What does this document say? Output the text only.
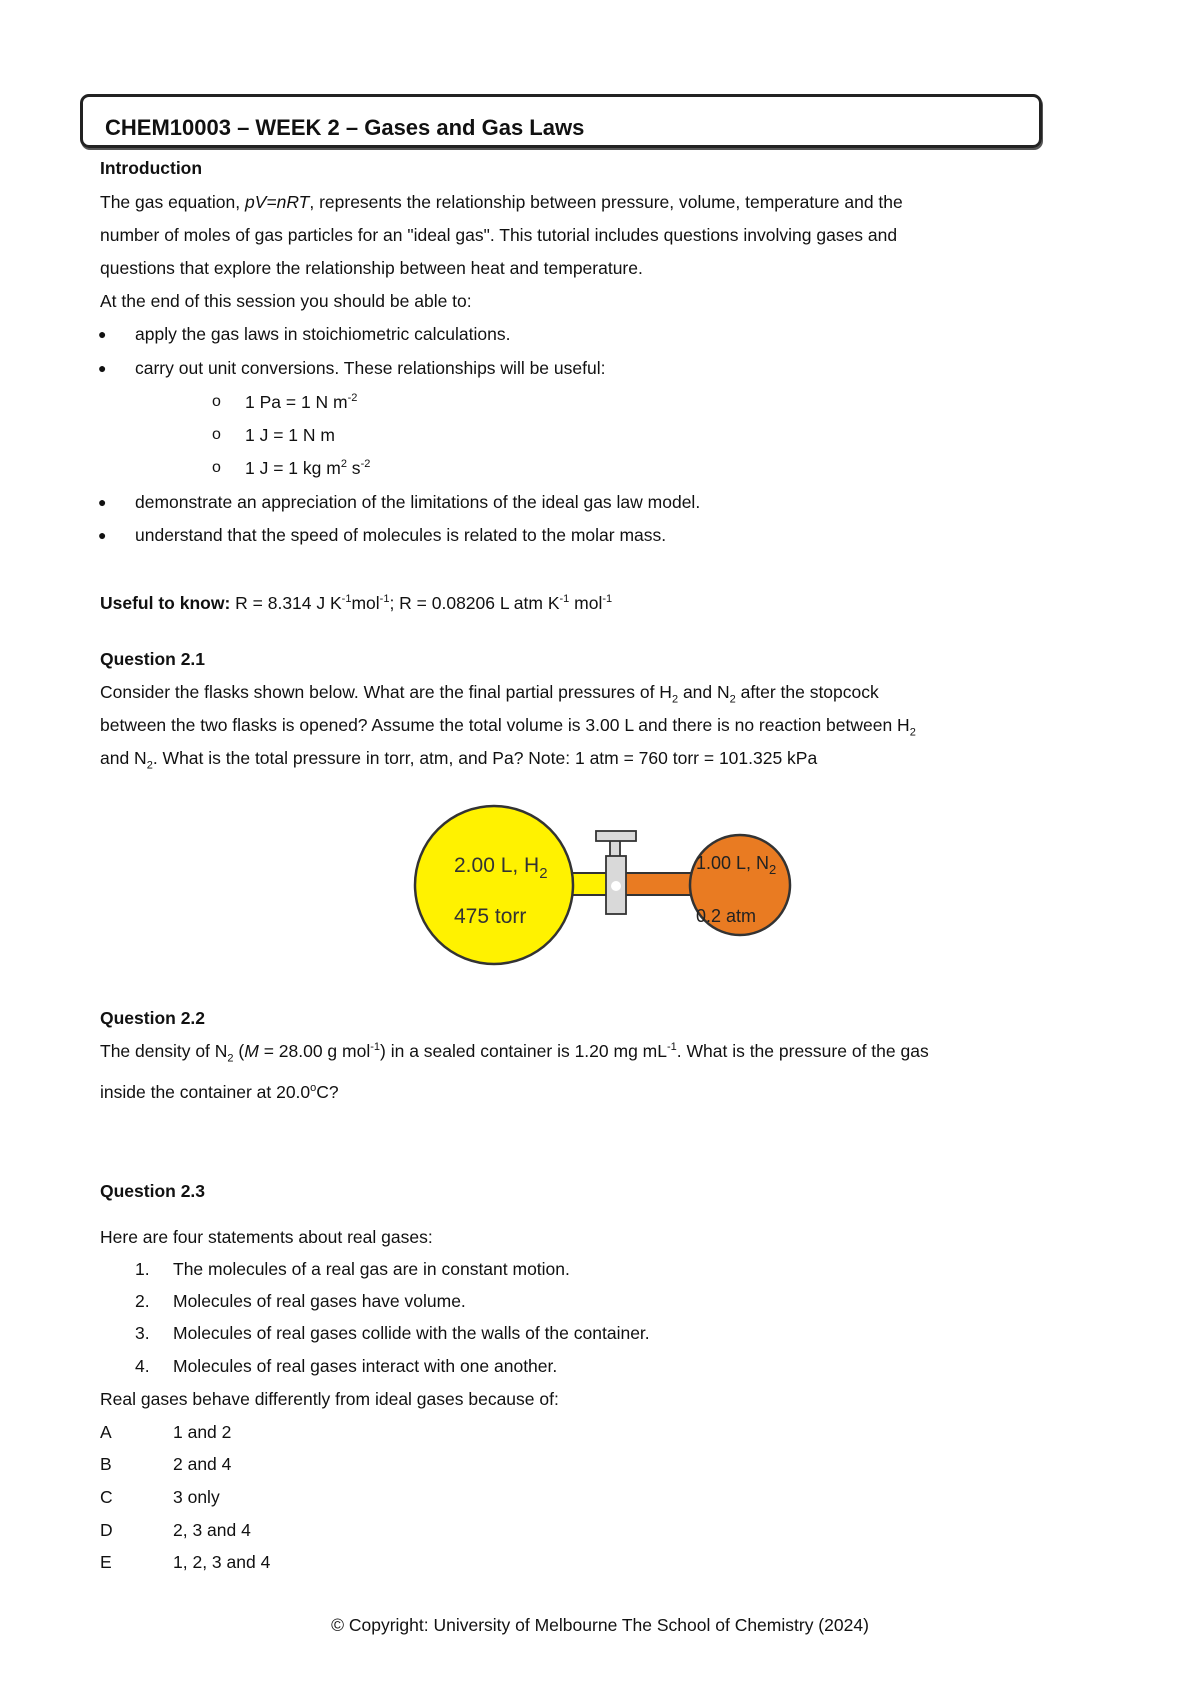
CHEM10003 – WEEK 2 – Gases and Gas Laws
Introduction
The gas equation, pV=nRT, represents the relationship between pressure, volume, temperature and the
number of moles of gas particles for an "ideal gas". This tutorial includes questions involving gases and
questions that explore the relationship between heat and temperature.
At the end of this session you should be able to:
● apply the gas laws in stoichiometric calculations.
● carry out unit conversions. These relationships will be useful:
o 1 Pa = 1 N $m^{-2}$
o 1 J = 1 N m
o 1 J = 1 kg $m^2$ $s^{-2}$
● demonstrate an appreciation of the limitations of the ideal gas law model.
● understand that the speed of molecules is related to the molar mass.
Useful to know: R = 8.314 J $K^{-1}mol^{-1}$; R = 0.08206 L atm $K^{-1}$ mol$^{-1}$
Question 2.1
Consider the flasks shown below. What are the final partial pressures of $H_2$ and $N_2$ after the stopcock
between the two flasks is opened? Assume the total volume is 3.00 L and there is no reaction between $H_2$
and $N_2$. What is the total pressure in torr, atm, and Pa? Note: 1 atm = 760 torr = 101.325 kPa
2.00 L, $H_2$
475 torr
1.00 L, $N_2$
0.2 atm
Question 2.2
The density of $N_2$ (M = 28.00 g mol$^{-1}$) in a sealed container is 1.20 mg $mL^{-1}$. What is the pressure of the gas
inside the container at 20.0$^o$C?
Question 2.3
Here are four statements about real gases:
1. The molecules of a real gas are in constant motion.
2. Molecules of real gases have volume.
3. Molecules of real gases collide with the walls of the container.
4. Molecules of real gases interact with one another.
Real gases behave differently from ideal gases because of:
A	1 and 2
B	2 and 4
C	3 only
D	2, 3 and 4
E	1, 2, 3 and 4
© Copyright: University of Melbourne The School of Chemistry (2024)
